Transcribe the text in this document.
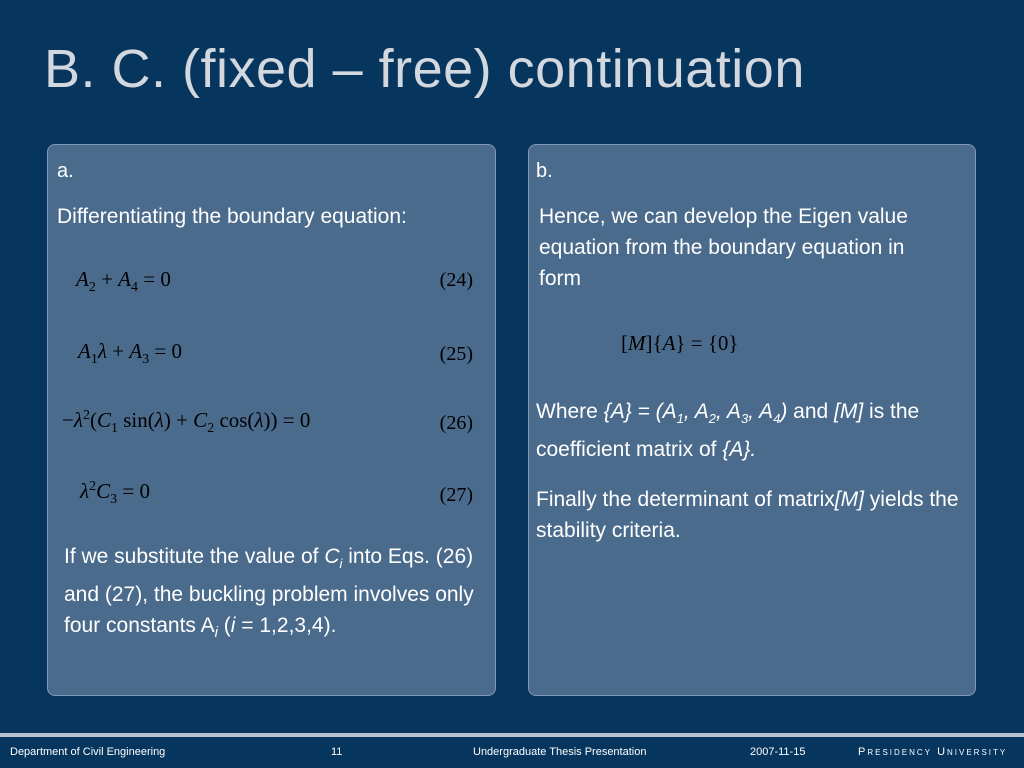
B. C. (fixed – free) continuation
a.
Differentiating the boundary equation:
$A_2 + A_4 = 0$	(24)
$A_1\lambda + A_3 = 0$	(25)
$-\lambda^2(C_1$ $\sin(\lambda) + C_2$ cos(λ)) = 0	(26)
$\lambda^2C_3 = 0$	(27)
If we substitute the value of $C_i$ into Eqs. (26) and (27), the buckling problem involves only four constants $A_i$ (i = 1,2,3,4).
b.
Hence, we can develop the Eigen value equation from the boundary equation in form
[M]{A} = {0}
Where $\{A\} = (A_1$, $A_2$, $A_3$, $A_4$) and [M] is the coefficient matrix of {A}.
Finally the determinant of matrix[M] yields the stability criteria.
Department of Civil Engineering	11	Undergraduate Thesis Presentation	2007-11-15	Presidency University
